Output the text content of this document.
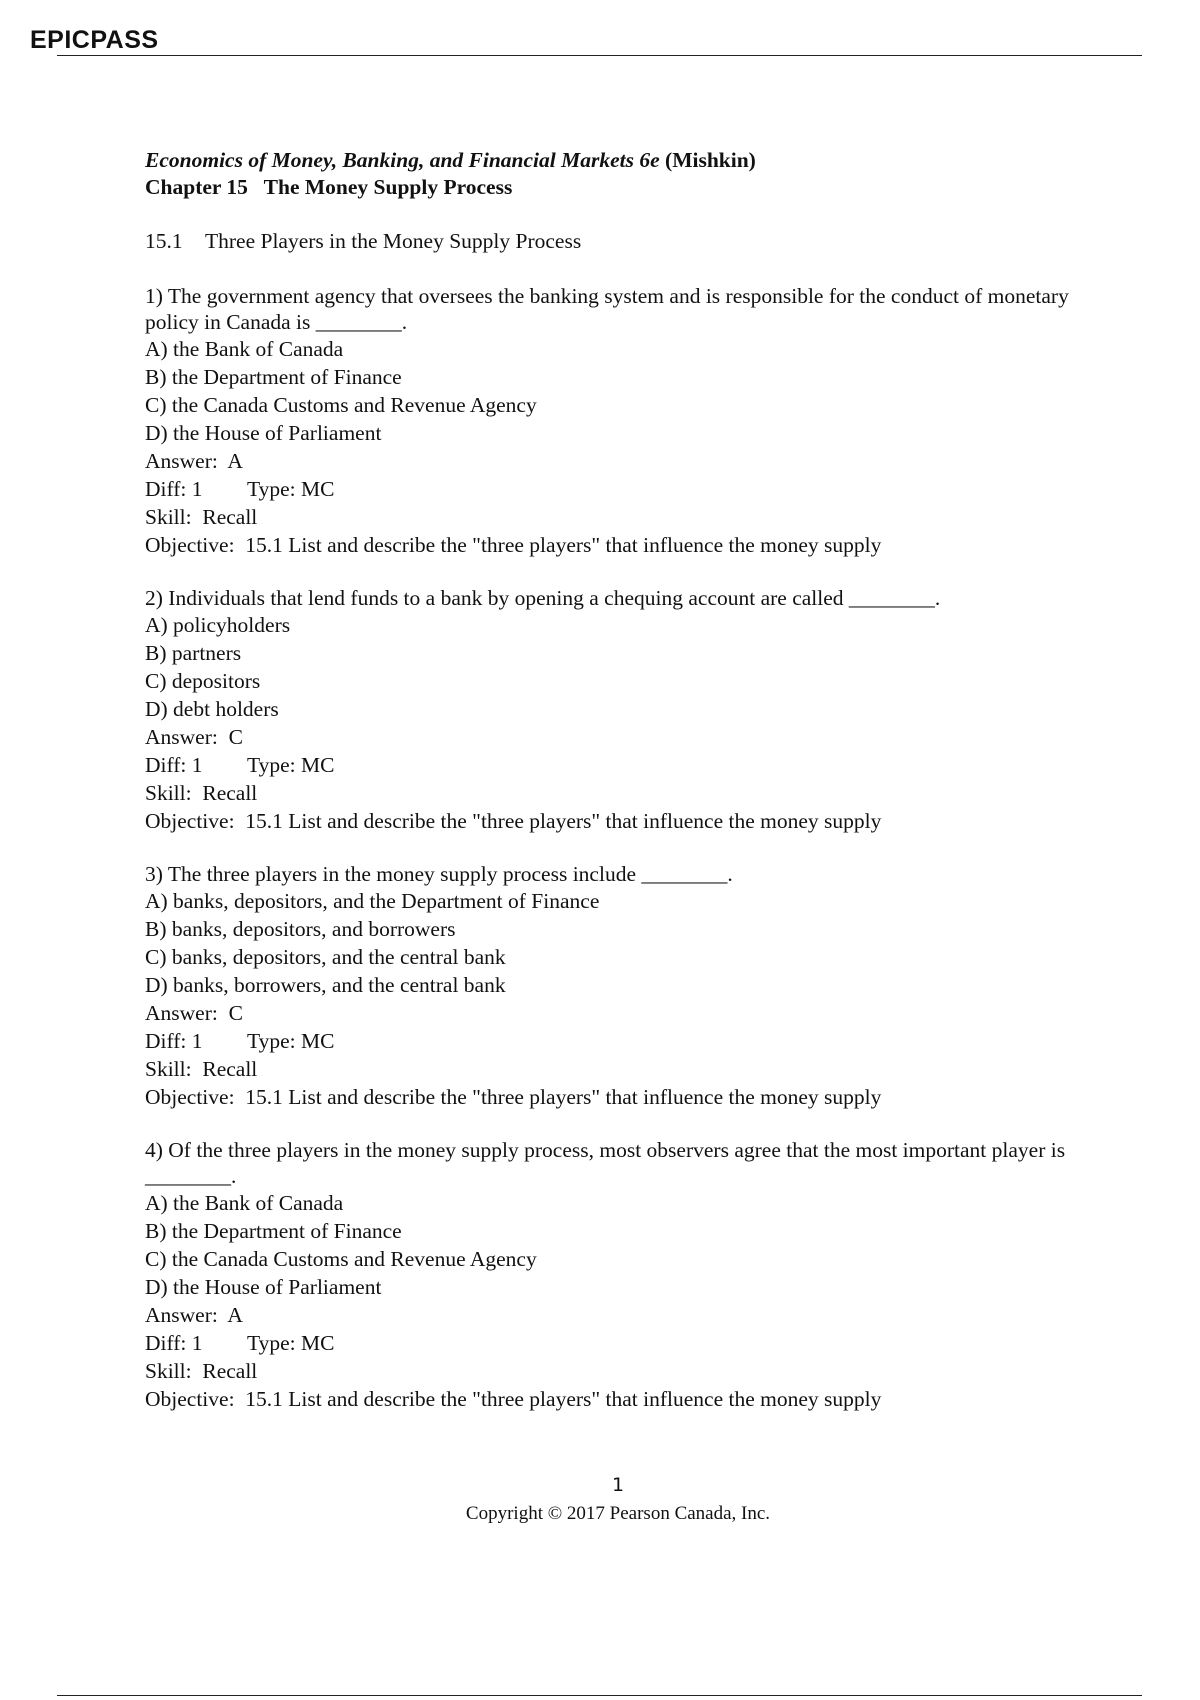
EPICPASS
Economics of Money, Banking, and Financial Markets 6e (Mishkin)
Chapter 15   The Money Supply Process
15.1 Three Players in the Money Supply Process
1) The government agency that oversees the banking system and is responsible for the conduct of monetary policy in Canada is ________.
A) the Bank of Canada
B) the Department of Finance
C) the Canada Customs and Revenue Agency
D) the House of Parliament
Answer:  A
Diff: 1 Type: MC
Skill:  Recall
Objective:  15.1 List and describe the "three players" that influence the money supply
2) Individuals that lend funds to a bank by opening a chequing account are called ________.
A) policyholders
B) partners
C) depositors
D) debt holders
Answer:  C
Diff: 1 Type: MC
Skill:  Recall
Objective:  15.1 List and describe the "three players" that influence the money supply
3) The three players in the money supply process include ________.
A) banks, depositors, and the Department of Finance
B) banks, depositors, and borrowers
C) banks, depositors, and the central bank
D) banks, borrowers, and the central bank
Answer:  C
Diff: 1 Type: MC
Skill:  Recall
Objective:  15.1 List and describe the "three players" that influence the money supply
4) Of the three players in the money supply process, most observers agree that the most important player is ________.
A) the Bank of Canada
B) the Department of Finance
C) the Canada Customs and Revenue Agency
D) the House of Parliament
Answer:  A
Diff: 1 Type: MC
Skill:  Recall
Objective:  15.1 List and describe the "three players" that influence the money supply
1
Copyright © 2017 Pearson Canada, Inc.
